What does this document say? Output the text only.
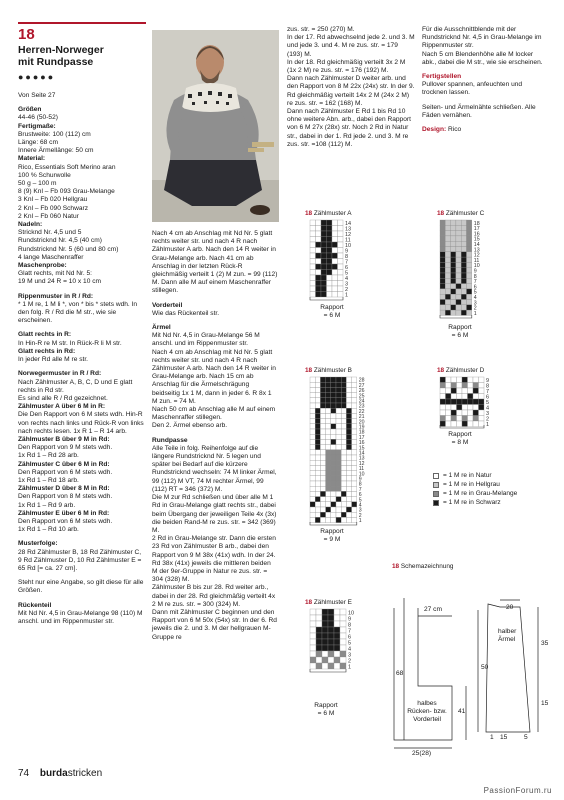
18
Herren-Norweger
mit Rundpasse
●●●●●

Von Seite 27

Größen
44-46 (50-52)
Fertigmaße:
Brustweite: 100 (112) cm
Länge: 68 cm
Innere Ärmellänge: 50 cm
Material:
Rico, Essentials Soft Merino aran
100 % Schurwolle
50 g – 100 m
8 (9) Knl – Fb 093 Grau-Melange
3 Knl – Fb 020 Hellgrau
2 Knl – Fb 090 Schwarz
2 Knl – Fb 060 Natur
Nadeln:
Stricknd Nr. 4,5 und 5
Rundstricknd Nr. 4,5 (40 cm)
Rundstricknd Nr. 5 (60 und 80 cm)
4 lange Maschenraffer
Maschenprobe:

Glatt rechts, mit Nd Nr. 5:
19 M und 24 R = 10 x 10 cm

Rippenmuster in R / Rd:

* 1 M re, 1 M li *, von * bis * stets wdh. In den folg. R / Rd die M str., wie sie erscheinen.

Glatt rechts in R:
In Hin-R re M str. In Rück-R li M str.
Glatt rechts in Rd:

In jeder Rd alle M re str.

Norwegermuster in R / Rd:
Nach Zählmuster A, B, C, D und E glatt rechts in Rd str.
Es sind alle R / Rd gezeichnet.
Zählmuster A über 6 M in R:
Die Den Rapport von 6 M stets wdh. Hin-R von rechts nach links und Rück-R von links nach rechts lesen. 1x R 1 – R 14 arb.
Zählmuster B über 9 M in Rd:
Den Rapport von 9 M stets wdh.
1x Rd 1 – Rd 28 arb.
Zählmuster C über 6 M in Rd:
Den Rapport von 6 M stets wdh.
1x Rd 1 – Rd 18 arb.
Zählmuster D über 8 M in Rd:
Den Rapport von 8 M stets wdh.
1x Rd 1 – Rd 9 arb.
Zählmuster E über 6 M in Rd:

Den Rapport von 6 M stets wdh.
1x Rd 1 – Rd 10 arb.

Musterfolge:

28 Rd Zählmuster B, 18 Rd Zählmuster C, 9 Rd Zählmuster D, 10 Rd Zählmuster E = 65 Rd [= ca. 27 cm].

Steht nur eine Angabe, so gilt diese für alle Größen.

Rückenteil
Mit Nd Nr. 4,5 in Grau-Melange 98 (110) M anschl. und im Rippenmuster str.

Nach 4 cm ab Anschlag mit Nd Nr. 5 glatt rechts weiter str. und nach 4 R nach Zählmuster A arb. Nach den 14 R weiter in Grau-Melange arb. Nach 41 cm ab Anschlag in der letzten Rück-R gleichmäßig verteilt 1 (2) M zun. = 99 (112) M. Dann alle M auf einem Maschenraffer stillegen.

Vorderteil

Wie das Rückenteil str.

Ärmel

Mit Nd Nr. 4,5 in Grau-Melange 56 M anschl. und im Rippenmuster str.
Nach 4 cm ab Anschlag mit Nd Nr. 5 glatt rechts weiter str. und nach 4 R nach Zählmuster A arb. Nach den 14 R weiter in Grau-Melange arb. Nach 15 cm ab Anschlag für die Ärmelschrägung beidseitig 1x 1 M, dann in jeder 6. R 8x 1 M zun. = 74 M.
Nach 50 cm ab Anschlag alle M auf einem Maschenraffer stillegen.
Den 2. Ärmel ebenso arb.

Rundpasse
Alle Teile in folg. Reihenfolge auf die längere Rundstricknd Nr. 5 legen und später bei Bedarf auf die kürzere Rundstricknd wechseln: 74 M linker Ärmel, 99 (112) M VT, 74 M rechter Ärmel, 99 (112) RT = 346 (372) M.
Die M zur Rd schließen und über alle M 1 Rd in Grau-Melange glatt rechts str., dabei beim Übergang der jeweiligen Teile 4x (3x) die beiden Rand-M re zus. str. = 342 (369) M.
2 Rd in Grau-Melange str. Dann die ersten 23 Rd von Zählmuster B arb., dabei den Rapport von 9 M 38x (41x) wdh. In der 24. Rd 38x (41x) jeweils die mittleren beiden M der 9er-Gruppe in Natur re zus. str. = 304 (328) M.
Zählmuster B bis zur 28. Rd weiter arb., dabei in der 28. Rd gleichmäßig verteilt 4x 2 M re zus. str. = 300 (324) M.
Dann mit Zählmuster C beginnen und den Rapport von 6 M 50x (54x) str. In der 6. Rd jeweils die 2. und 3. M der hellgrauen M-Gruppe re
zus. str. = 250 (270) M.
In der 17. Rd abwechselnd jede 2. und 3. M und jede 3. und 4. M re zus. str. = 179 (193) M.
In der 18. Rd gleichmäßig verteilt 3x 2 M (1x 2 M) re zus. str. = 176 (192) M.
Dann nach Zählmuster D weiter arb. und den Rapport von 8 M 22x (24x) str. In der 9. Rd gleichmäßig verteilt 14x 2 M (24x 2 M) re zus. str. = 162 (168) M.
Dann nach Zählmuster E Rd 1 bis Rd 10 ohne weitere Abn. arb., dabei den Rapport von 6 M 27x (28x) str. Noch 2 Rd in Natur str., dabei in der 1. Rd jede 2. und 3. M re zus. str. =108 (112) M.

Für die Ausschnittblende mit der Rundstricknd Nr. 4,5 in Grau-Melange im Rippenmuster str.
Nach 5 cm Blendenhöhe alle M locker abk., dabei die M str., wie sie erscheinen.

Fertigstellen

Pullover spannen, anfeuchten und trocknen lassen.

Seiten- und Ärmelnähte schließen. Alle Fäden vernähen.

Design: Rico
18 Zählmuster A	18 Zählmuster C
18 Zählmuster B	18 Zählmuster D
18 Zählmuster E
14
13
12
11
10
9
8
7
6
5
4
3
2
1
18
17
16
15
14
13
12
11
10
9
8
7
6
5
4
3
2
1
28
27
26
25
24
23
22
21
20
19
18
17
16
15
14
13
12
11
10
9
8
7
6
5
4
3
2
1
9
8
7
6
5
4
3
2
1
10
9
8
7
6
5
4
3
2
1
Rapport
= 6 M
Rapport
= 6 M
Rapport
= 9 M
Rapport
= 8 M
Rapport
= 6 M
= 1 M re in Natur
= 1 M re in Hellgrau
= 1 M re in Grau-Melange
= 1 M re in Schwarz
18 Schemazeichnung
20
27 cm
halber
Ärmel
35
50
15
68
41
halbes
Rücken- bzw.
Vorderteil
25(28)
15
1	5
74 burdastricken
PassionForum.ru
